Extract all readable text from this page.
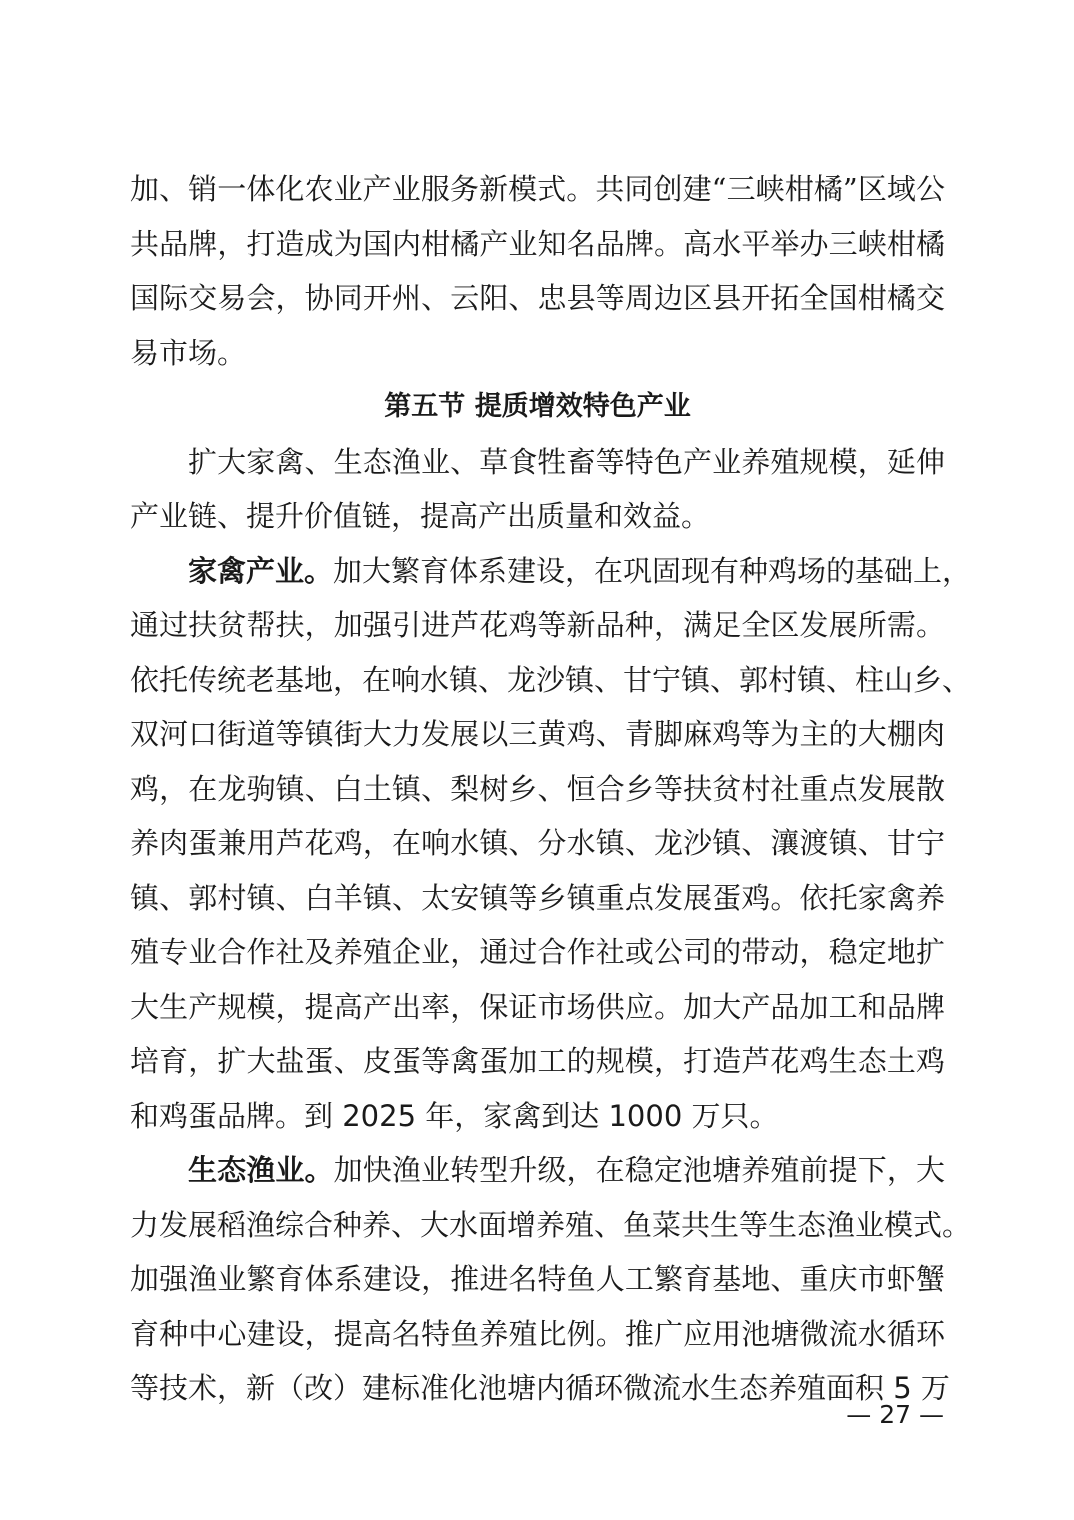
加、销一体化农业产业服务新模式。共同创建“三峡柑橘”区域公
共品牌，打造成为国内柑橘产业知名品牌。高水平举办三峡柑橘
国际交易会，协同开州、云阳、忠县等周边区县开拓全国柑橘交
易市场。
第五节 提质增效特色产业
扩大家禽、生态渔业、草食牲畜等特色产业养殖规模，延伸
产业链、提升价值链，提高产出质量和效益。
家禽产业。加大繁育体系建设，在巩固现有种鸡场的基础上，
通过扶贫帮扶，加强引进芦花鸡等新品种，满足全区发展所需。
依托传统老基地，在响水镇、龙沙镇、甘宁镇、郭村镇、柱山乡、
双河口街道等镇街大力发展以三黄鸡、青脚麻鸡等为主的大棚肉
鸡，在龙驹镇、白土镇、梨树乡、恒合乡等扶贫村社重点发展散
养肉蛋兼用芦花鸡，在响水镇、分水镇、龙沙镇、瀼渡镇、甘宁
镇、郭村镇、白羊镇、太安镇等乡镇重点发展蛋鸡。依托家禽养
殖专业合作社及养殖企业，通过合作社或公司的带动，稳定地扩
大生产规模，提高产出率，保证市场供应。加大产品加工和品牌
培育，扩大盐蛋、皮蛋等禽蛋加工的规模，打造芦花鸡生态土鸡
和鸡蛋品牌。到 2025 年，家禽到达 1000 万只。
生态渔业。加快渔业转型升级，在稳定池塘养殖前提下，大
力发展稻渔综合种养、大水面增养殖、鱼菜共生等生态渔业模式。
加强渔业繁育体系建设，推进名特鱼人工繁育基地、重庆市虾蟹
育种中心建设，提高名特鱼养殖比例。推广应用池塘微流水循环
等技术，新（改）建标准化池塘内循环微流水生态养殖面积 5 万
— 27 —
